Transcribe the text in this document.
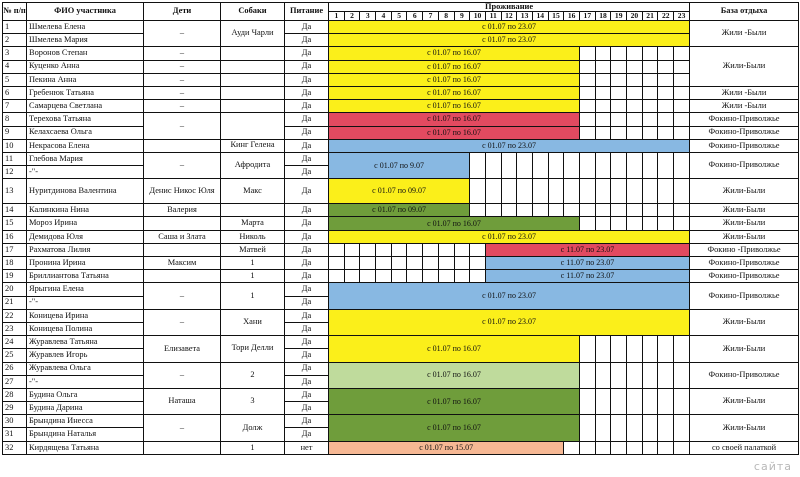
№ п/п	ФИО участника	Дети	Собаки	Питание	Проживание																							База отдыха
					1	2	3	4	5	6	7	8	9	10	11	12	13	14	15	16	17	18	19	20	21	22	23	
1	Шмелева Елена	–	Ауди Чарли	Да	с 01.07 по 23.07																							Жили -Были
2	Шмелева Мария			Да	с 01.07 по 23.07																							
3	Воронов Степан	–		Да	с 01.07 по 16.07																							Жили-Были
4	Куценко Анна	–		Да	с 01.07 по 16.07																							
5	Пекина Анна	–		Да	с 01.07 по 16.07																							
6	Гребенюк Татьяна	–		Да	с 01.07 по 16.07																							Жили -Были
7	Самарцева Светлана	–		Да	с 01.07 по 16.07																							Жили -Были
8	Терехова Татьяна	–		Да	с 01.07 по 16.07																							Фокино-Приволжье
9	Келахсаева Ольга			Да	с 01.07 по 16.07																							Фокино-Приволжье
10	Некрасова Елена		Кинг Гелена	Да	с 01.07 по 23.07																							Фокино-Приволжье
11	Глебова Мария	–	Афродита	Да	с 01.07 по 9.07																							Фокино-Приволжье
12	-"-			Да																								
13	Нуритдинова Валентина	Денис Никос Юля	Макс	Да	с 01.07 по 09.07																							Жили-Были
14	Калинкина Нина	Валерия		Да	с 01.07 по 09.07																							Жили-Были
15	Мороз Ирина		Марта	Да	с 01.07 по 16.07																							Жили-Были
16	Демидова Юля	Саша и Злата	Николь	Да	с 01.07 по 23.07																							Жили-Были
17	Рахматова Лилия		Матвей	Да											с 11.07 по 23.07													Фокино -Приволжье
18	Пронина Ирина	Максим	1	Да											с 11.07 по 23.07													Фокино-Приволжье
19	Бриллиантова Татьяна		1	Да											с 11.07 по 23.07													Фокино-Приволжье
20	Ярыгина Елена	–	1	Да	с 01.07 по 23.07																							Фокино-Приволжье
21	-"-			Да																								
22	Коницева Ирина	–	Хани	Да	с 01.07 по 23.07																							Жили-Были
23	Коницева Полина			Да																								
24	Журавлева Татьяна	Елизавета	Тори Делли	Да	с 01.07 по 16.07																							Жили-Были
25	Журавлев Игорь			Да																								
26	Журавлева Ольга	–	2	Да	с 01.07 по 16.07																							Фокино-Приволжье
27	-"-			Да																								
28	Будина Ольга	Наташа	3	Да	с 01.07 по 16.07																							Жили-Были
29	Будина Дарина			Да																								
30	Брындина Инесса	–	Долж	Да	с 01.07 по 16.07																							Жили-Были
31	Брындина Наталья			Да																								
32	Кирдящева Татьяна		1	нет	с 01.07 по 15.07																							со своей палаткой
сайта
